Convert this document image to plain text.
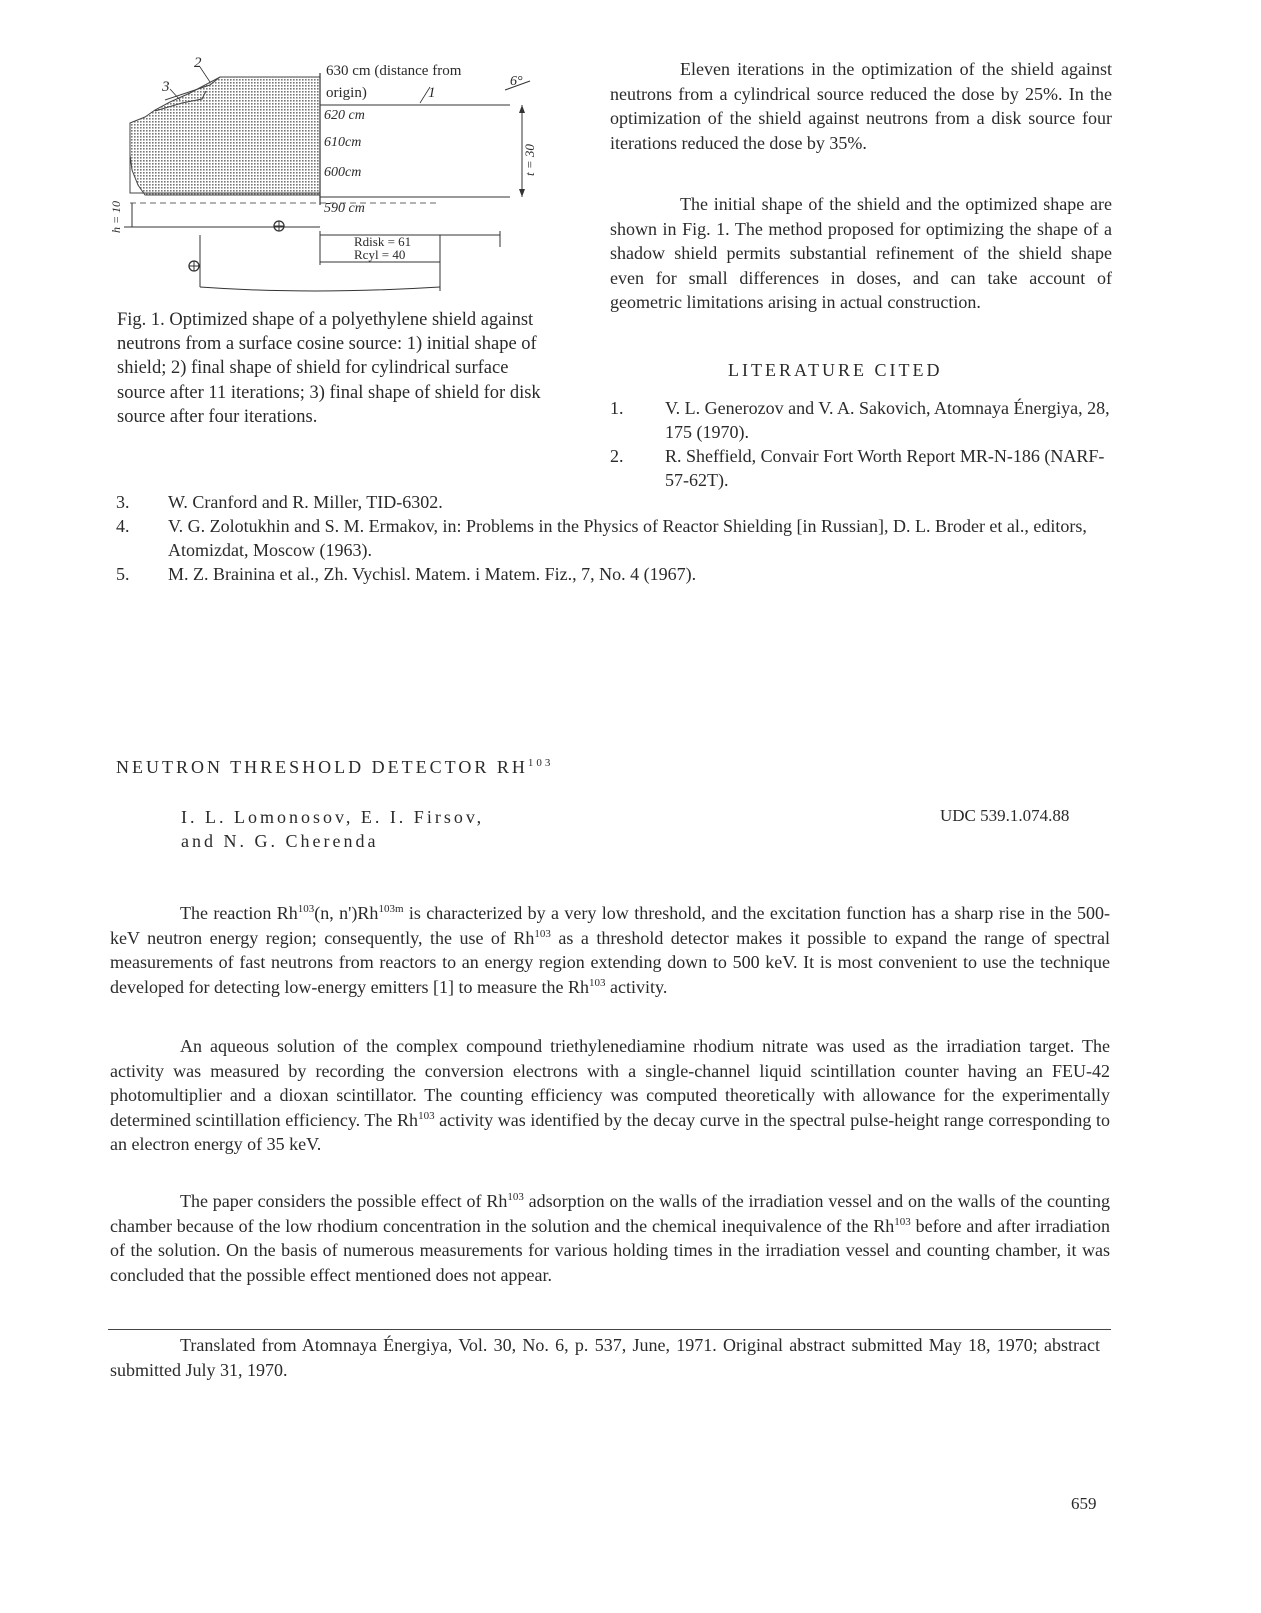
630 cm (distance from
origin)
620 cm
610cm
600cm
590 cm
1
2
3	6°
t = 30
h = 10
Rdisk = 61
Rcyl = 40
Fig. 1. Optimized shape of a polyethylene shield against neutrons from a surface cosine source: 1) initial shape of shield; 2) final shape of shield for cylindrical surface source after 11 iterations; 3) final shape of shield for disk source after four iterations.
Eleven iterations in the optimization of the shield against neutrons from a cylindrical source reduced the dose by 25%. In the optimization of the shield against neutrons from a disk source four iterations reduced the dose by 35%.
The initial shape of the shield and the optimized shape are shown in Fig. 1. The method proposed for optimizing the shape of a shadow shield permits substantial refinement of the shield shape even for small differences in doses, and can take account of geometric limitations arising in actual construction.
LITERATURE CITED
1.	V. L. Generozov and V. A. Sakovich, Atomnaya Énergiya, 28, 175 (1970).
2.	R. Sheffield, Convair Fort Worth Report MR-N-186 (NARF-57-62T).
3.	W. Cranford and R. Miller, TID-6302.
4.	V. G. Zolotukhin and S. M. Ermakov, in: Problems in the Physics of Reactor Shielding [in Russian], D. L. Broder et al., editors, Atomizdat, Moscow (1963).
5.	M. Z. Brainina et al., Zh. Vychisl. Matem. i Matem. Fiz., 7, No. 4 (1967).
NEUTRON THRESHOLD DETECTOR RH$^{103}$
I. L. Lomonosov, E. I. Firsov,
and N. G. Cherenda
UDC 539.1.074.88
The reaction Rh$^{103}$(n, $n')Rh^{103m}$ is characterized by a very low threshold, and the excitation function has a sharp rise in the 500-keV neutron energy region; consequently, the use of Rh$^{103}$ as a threshold detector makes it possible to expand the range of spectral measurements of fast neutrons from reactors to an energy region extending down to 500 keV. It is most convenient to use the technique developed for detecting low-energy emitters [1] to measure the Rh$^{103}$ activity.
An aqueous solution of the complex compound triethylenediamine rhodium nitrate was used as the irradiation target. The activity was measured by recording the conversion electrons with a single-channel liquid scintillation counter having an FEU-42 photomultiplier and a dioxan scintillator. The counting efficiency was computed theoretically with allowance for the experimentally determined scintillation efficiency. The Rh$^{103}$ activity was identified by the decay curve in the spectral pulse-height range corresponding to an electron energy of 35 keV.
The paper considers the possible effect of Rh$^{103}$ adsorption on the walls of the irradiation vessel and on the walls of the counting chamber because of the low rhodium concentration in the solution and the chemical inequivalence of the Rh$^{103}$ before and after irradiation of the solution. On the basis of numerous measurements for various holding times in the irradiation vessel and counting chamber, it was concluded that the possible effect mentioned does not appear.
Translated from Atomnaya Énergiya, Vol. 30, No. 6, p. 537, June, 1971. Original abstract submitted May 18, 1970; abstract submitted July 31, 1970.
659
